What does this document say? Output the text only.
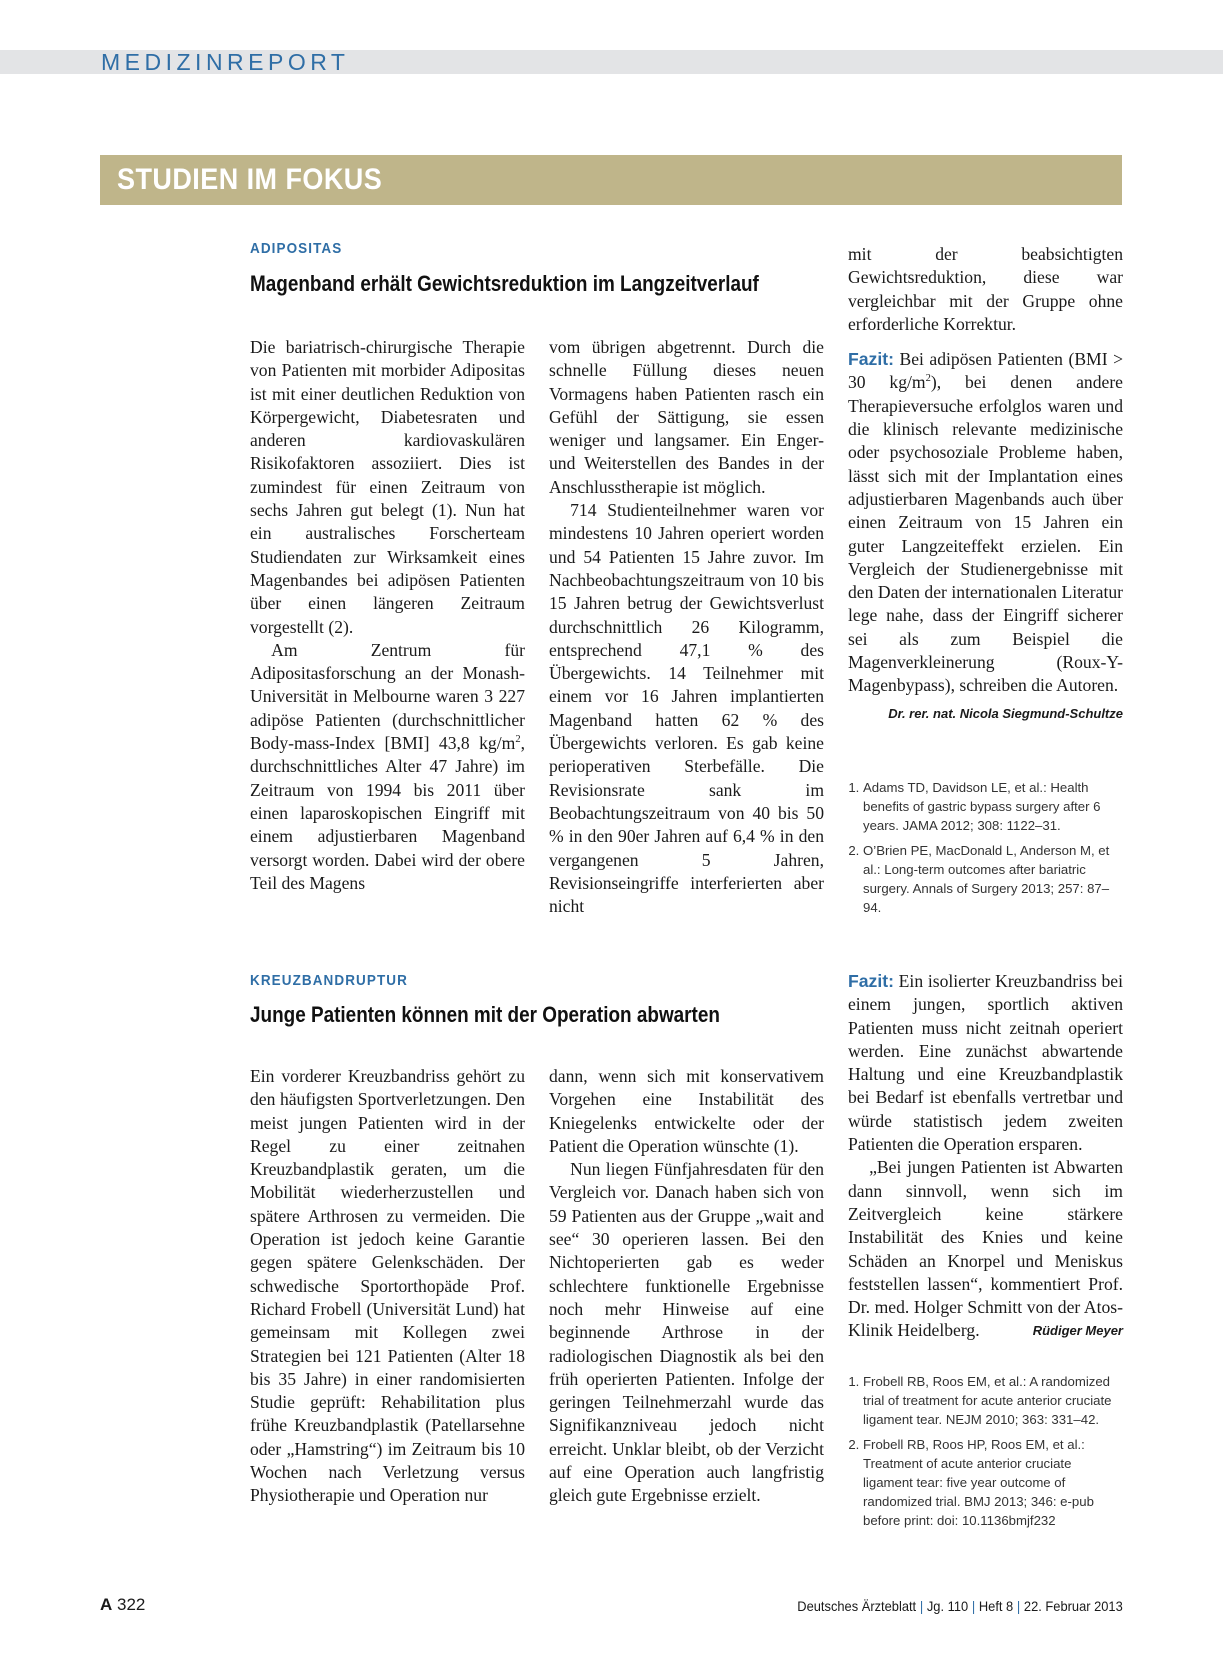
MEDIZINREPORT
STUDIEN IM FOKUS
ADIPOSITAS
Magenband erhält Gewichtsreduktion im Langzeitverlauf

Die bariatrisch-chirurgische Therapie von Patienten mit morbider Adipositas ist mit einer deutlichen Reduktion von Körpergewicht, Diabetesraten und anderen kardiovaskulären Risikofaktoren assoziiert. Dies ist zumindest für einen Zeitraum von sechs Jahren gut belegt (1). Nun hat ein australisches Forscherteam Studiendaten zur Wirksamkeit eines Magenbandes bei adipösen Patienten über einen längeren Zeitraum vorgestellt (2).

Am Zentrum für Adipositasforschung an der Monash-Universität in Melbourne waren 3 227 adipöse Patienten (durchschnittlicher Body-mass-Index [BMI] 43,8 $kg/m^2$, durchschnittliches Alter 47 Jahre) im Zeitraum von 1994 bis 2011 über einen laparoskopischen Eingriff mit einem adjustierbaren Magenband versorgt worden. Dabei wird der obere Teil des Magens

vom übrigen abgetrennt. Durch die schnelle Füllung dieses neuen Vormagens haben Patienten rasch ein Gefühl der Sättigung, sie essen weniger und langsamer. Ein Enger- und Weiterstellen des Bandes in der Anschlusstherapie ist möglich.

714 Studienteilnehmer waren vor mindestens 10 Jahren operiert worden und 54 Patienten 15 Jahre zuvor. Im Nachbeobachtungszeitraum von 10 bis 15 Jahren betrug der Gewichtsverlust durchschnittlich 26 Kilogramm, entsprechend 47,1 % des Übergewichts. 14 Teilnehmer mit einem vor 16 Jahren implantierten Magenband hatten 62 % des Übergewichts verloren. Es gab keine perioperativen Sterbefälle. Die Revisionsrate sank im Beobachtungszeitraum von 40 bis 50 % in den 90er Jahren auf 6,4 % in den vergangenen 5 Jahren, Revisionseingriffe interferierten aber nicht

mit der beabsichtigten Gewichtsreduktion, diese war vergleichbar mit der Gruppe ohne erforderliche Korrektur.

Fazit: Bei adipösen Patienten (BMI > 30 $kg/m^2$), bei denen andere Therapieversuche erfolglos waren und die klinisch relevante medizinische oder psychosoziale Probleme haben, lässt sich mit der Implantation eines adjustierbaren Magenbands auch über einen Zeitraum von 15 Jahren ein guter Langzeiteffekt erzielen. Ein Vergleich der Studienergebnisse mit den Daten der internationalen Literatur lege nahe, dass der Eingriff sicherer sei als zum Beispiel die Magenverkleinerung (Roux-Y-Magenbypass), schreiben die Autoren.

Dr. rer. nat. Nicola Siegmund-Schultze
1. Adams TD, Davidson LE, et al.: Health benefits of gastric bypass surgery after 6 years. JAMA 2012; 308: 1122–31.
2. O’Brien PE, MacDonald L, Anderson M, et al.: Long-term outcomes after bariatric surgery. Annals of Surgery 2013; 257: 87–94.
KREUZBANDRUPTUR
Junge Patienten können mit der Operation abwarten

Ein vorderer Kreuzbandriss gehört zu den häufigsten Sportverletzungen. Den meist jungen Patienten wird in der Regel zu einer zeitnahen Kreuzbandplastik geraten, um die Mobilität wiederherzustellen und spätere Arthrosen zu vermeiden. Die Operation ist jedoch keine Garantie gegen spätere Gelenkschäden. Der schwedische Sportorthopäde Prof. Richard Frobell (Universität Lund) hat gemeinsam mit Kollegen zwei Strategien bei 121 Patienten (Alter 18 bis 35 Jahre) in einer randomisierten Studie geprüft: Rehabilitation plus frühe Kreuzbandplastik (Patellarsehne oder „Hamstring“) im Zeitraum bis 10 Wochen nach Verletzung versus Physiotherapie und Operation nur

dann, wenn sich mit konservativem Vorgehen eine Instabilität des Kniegelenks entwickelte oder der Patient die Operation wünschte (1).

Nun liegen Fünfjahresdaten für den Vergleich vor. Danach haben sich von 59 Patienten aus der Gruppe „wait and see“ 30 operieren lassen. Bei den Nichtoperierten gab es weder schlechtere funktionelle Ergebnisse noch mehr Hinweise auf eine beginnende Arthrose in der radiologischen Diagnostik als bei den früh operierten Patienten. Infolge der geringen Teilnehmerzahl wurde das Signifikanzniveau jedoch nicht erreicht. Unklar bleibt, ob der Verzicht auf eine Operation auch langfristig gleich gute Ergebnisse erzielt.

Fazit: Ein isolierter Kreuzbandriss bei einem jungen, sportlich aktiven Patienten muss nicht zeitnah operiert werden. Eine zunächst abwartende Haltung und eine Kreuzbandplastik bei Bedarf ist ebenfalls vertretbar und würde statistisch jedem zweiten Patienten die Operation ersparen.

„Bei jungen Patienten ist Abwarten dann sinnvoll, wenn sich im Zeitvergleich keine stärkere Instabilität des Knies und keine Schäden an Knorpel und Meniskus feststellen lassen“, kommentiert Prof. Dr. med. Holger Schmitt von der Atos-Klinik Heidelberg.	Rüdiger Meyer

1. Frobell RB, Roos EM, et al.: A randomized trial of treatment for acute anterior cruciate ligament tear. NEJM 2010; 363: 331–42.
2. Frobell RB, Roos HP, Roos EM, et al.: Treatment of acute anterior cruciate ligament tear: five year outcome of randomized trial. BMJ 2013; 346: e-pub before print: doi: 10.1136bmjf232
A 322	Deutsches Ärzteblatt | Jg. 110 | Heft 8 | 22. Februar 2013
